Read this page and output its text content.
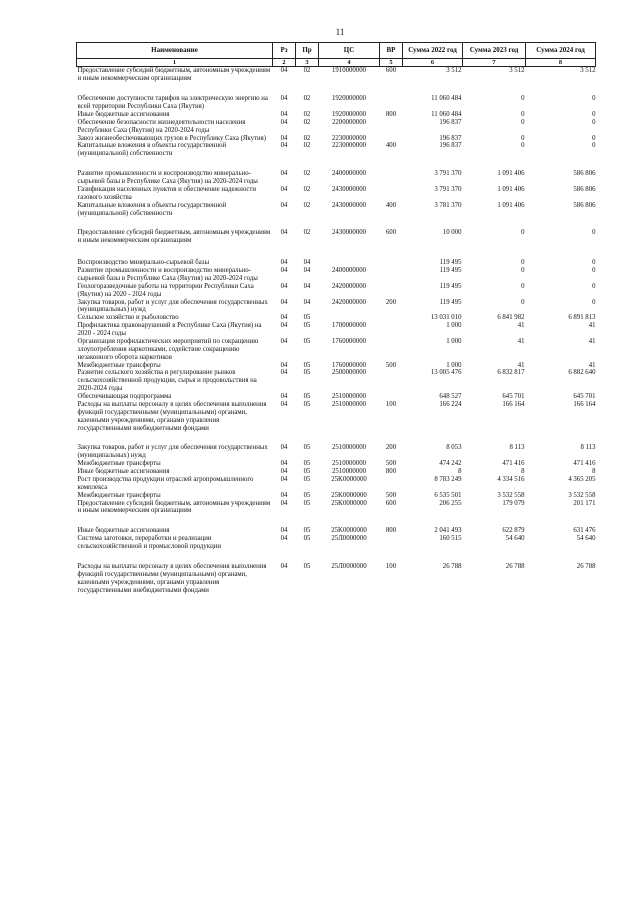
11
Наименование	Рз	Пр	ЦС	ВР	Сумма 2022 год	Сумма 2023 год	Сумма 2024 год
1	2	3	4	5	6	7	8
Предоставление субсидий бюджетным, автономным учреждениям и иным некоммерческим организациям	04	02	1910000000	600	3 512	3 512	3 512
Обеспечение доступности тарифов на электрическую энергию на всей территории Республики Саха (Якутия)	04	02	1920000000		11 060 484	0	0
Иные бюджетные ассигнования	04	02	1920000000	800	11 060 484	0	0
Обеспечение безопасности жизнедеятельности населения Республики Саха (Якутия) на 2020-2024 годы	04	02	2200000000		196 837	0	0
Завоз жизнеобеспечивающих грузов в Республику Саха (Якутия)	04	02	2230000000		196 837	0	0
Капитальные вложения в объекты государственной (муниципальной) собственности	04	02	2230000000	400	196 837	0	0
Развитие промышленности и воспроизводство минерально-сырьевой базы в Республике Саха (Якутия) на 2020-2024 годы	04	02	2400000000		3 791 370	1 091 406	586 806
Газификация населенных пунктов и обеспечение надежности газового хозяйства	04	02	2430000000		3 791 370	1 091 406	586 806
Капитальные вложения в объекты государственной (муниципальной) собственности	04	02	2430000000	400	3 781 370	1 091 406	586 806
Предоставление субсидий бюджетным, автономным учреждениям и иным некоммерческим организациям	04	02	2430000000	600	10 000	0	0
Воспроизводство минерально-сырьевой базы	04	04			119 495	0	0
Развитие промышленности и воспроизводство минерально-сырьевой базы в Республике Саха (Якутия) на 2020-2024 годы	04	04	2400000000		119 495	0	0
Геологоразведочные работы на территории Республики Саха (Якутия) на 2020 - 2024 годы	04	04	2420000000		119 495	0	0
Закупка товаров, работ и услуг для обеспечения государственных (муниципальных) нужд	04	04	2420000000	200	119 495	0	0
Сельское хозяйство и рыболовство	04	05			13 031 010	6 841 982	6 891 813
Профилактика правонарушений в Республике Саха (Якутия) на 2020 - 2024 годы	04	05	1700000000		1 000	41	41
Организация профилактических мероприятий по сокращению злоупотребления наркотиками, содействие сокращению незаконного оборота наркотиков	04	05	1760000000		1 000	41	41
Межбюджетные трансферты	04	05	1760000000	500	1 000	41	41
Развитие сельского хозяйства и регулирование рынков сельскохозяйственной продукции, сырья и продовольствия на 2020-2024 годы	04	05	2500000000		13 005 476	6 832 817	6 882 640
Обеспечивающая подпрограмма	04	05	2510000000		648 527	645 701	645 701
Расходы на выплаты персоналу в целях обеспечения выполнения функций государственными (муниципальными) органами, казенными учреждениями, органами управления государственными внебюджетными фондами	04	05	2510000000	100	166 224	166 164	166 164
Закупка товаров, работ и услуг для обеспечения государственных (муниципальных) нужд	04	05	2510000000	200	8 053	8 113	8 113
Межбюджетные трансферты	04	05	2510000000	500	474 242	471 416	471 416
Иные бюджетные ассигнования	04	05	2510000000	800	8	8	8
Рост производства продукции отраслей агропромышленного комплекса	04	05	25K0000000		8 783 249	4 334 516	4 365 205
Межбюджетные трансферты	04	05	25K0000000	500	6 535 501	3 532 558	3 532 558
Предоставление субсидий бюджетным, автономным учреждениям и иным некоммерческим организациям	04	05	25K0000000	600	206 255	179 079	201 171
Иные бюджетные ассигнования	04	05	25K0000000	800	2 041 493	622 879	631 476
Система заготовки, переработки и реализации сельскохозяйственной и промысловой продукции	04	05	25Л0000000		160 515	54 640	54 640
Расходы на выплаты персоналу в целях обеспечения выполнения функций государственными (муниципальными) органами, казенными учреждениями, органами управления государственными внебюджетными фондами	04	05	25Л0000000	100	26 788	26 788	26 788
